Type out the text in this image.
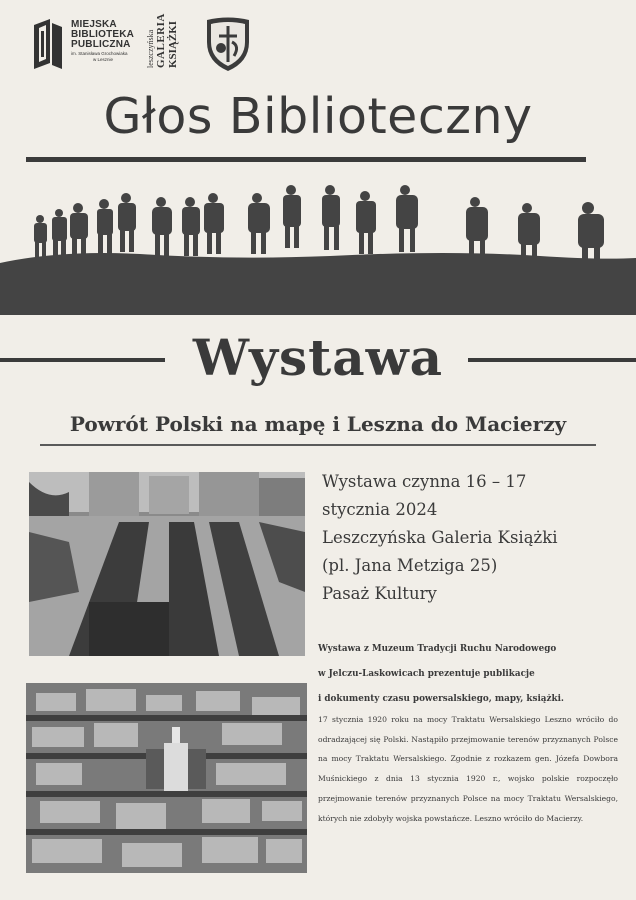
MIEJSKA
BIBLIOTEKA
PUBLICZNA
im. Stanisława Grochowiaka
w Lesznie	leszczyńska GALERIA KSIĄŻKI
Głos Biblioteczny
Wystawa
Powrót Polski na mapę i Leszna do Macierzy
Wystawa czynna 16 – 17
stycznia 2024
Leszczyńska Galeria Książki
(pl. Jana Metziga 25)
Pasaż Kultury
Wystawa z Muzeum Tradycji Ruchu Narodowego
w Jelczu-Laskowicach prezentuje publikacje
i dokumenty czasu powersalskiego, mapy, książki.
17 stycznia 1920 roku na mocy Traktatu Wersalskiego Leszno wróciło do odradzającej się Polski. Nastąpiło przejmowanie terenów przyznanych Polsce na mocy Traktatu Wersalskiego. Zgodnie z rozkazem gen. Józefa Dowbora Muśnickiego z dnia 13 stycznia 1920 r., wojsko polskie rozpoczęło przejmowanie terenów przyznanych Polsce na mocy Traktatu Wersalskiego, których nie zdobyły wojska powstańcze. Leszno wróciło do Macierzy.
